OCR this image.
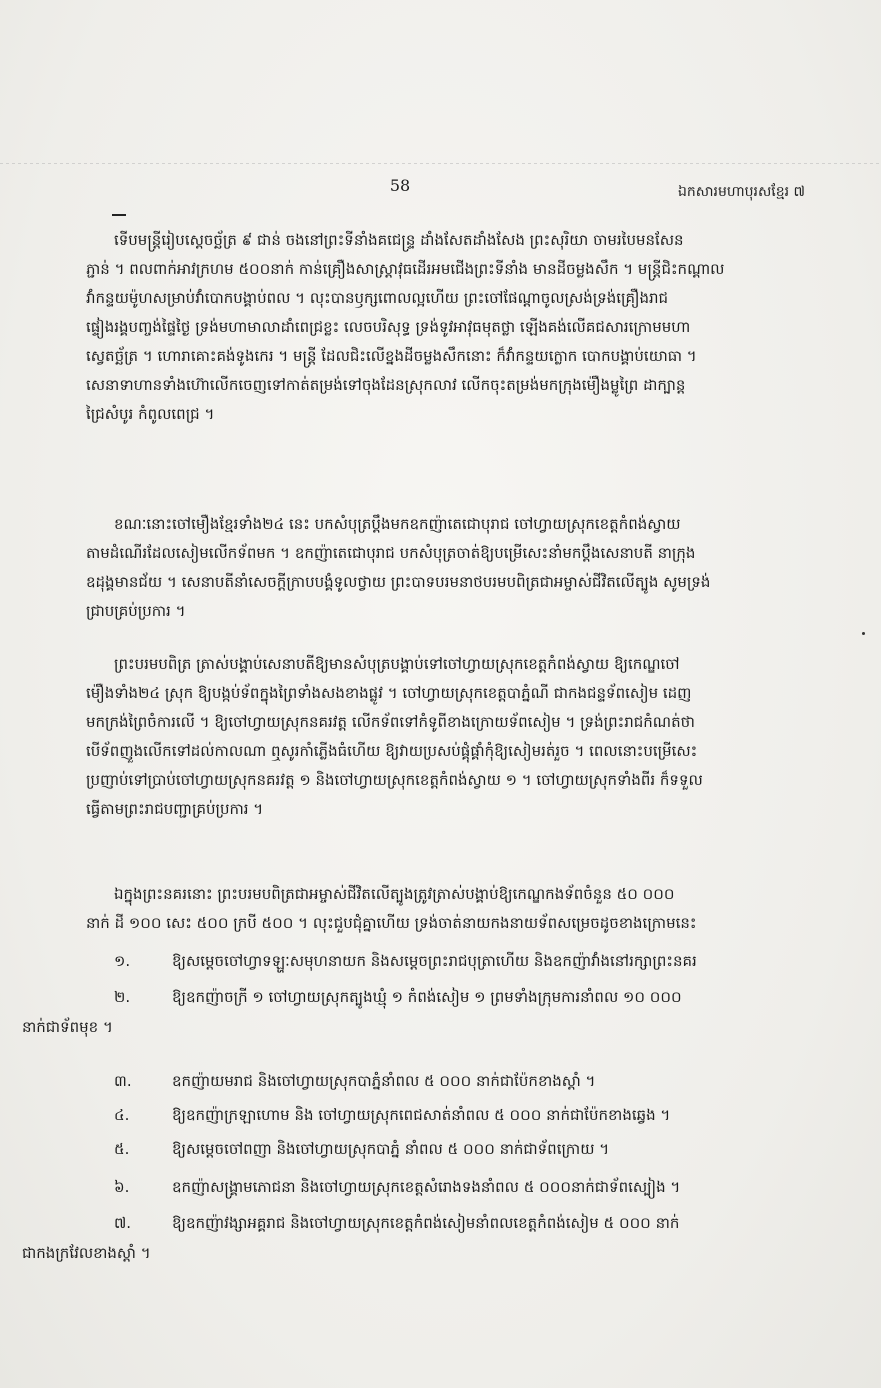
58	ឯកសារមហាបុរសខ្មែរ ៧
ទើបមន្ត្រីរៀបស្តេចច្ឆ័ត្រ ៩ ជាន់ ចងនៅព្រះទីនាំងគជេន្ទ្រ ដាំងសែតដាំងសែង ព្រះសុរិយា ចាមរបៃមនសែន
ភ្ជាន់ ។ ពលពាក់អាវក្រហម ៥០០នាក់ កាន់គ្រឿងសាស្ត្រាវុធដើរអមជើងព្រះទីនាំង មានដីចម្លងសឹក ។ មន្ត្រីជិះកណ្តាល
វាំកន្ទយម៉ូហសម្រាប់វាំបោកបង្គាប់ពល ។ លុះបានឫក្សពោលល្អហើយ ព្រះចៅផែណ្តាចូលស្រង់ទ្រង់គ្រឿងរាជ
ផ្ទៀងរង្គបញ្ចង់ផ្ទៃថ្ងៃ ទ្រង់មហាមាលាដាំពេជ្រខ្លះ លេចបរិសុទ្ធ ទ្រង់ទូវអាវុធមុតថ្លា ឡើងគង់លើគជសារក្រោមមហា
ស្វេតច្ឆ័ត្រ ។ ហោរាគោះគង់ទូងកេរ ។ មន្ត្រី ដែលជិះលើខ្នងដីចម្លងសឹកនោះ ក៏វាំកន្ទយក្លោក បោកបង្គាប់យោធា ។
សេនាទាហានទាំងហ៊ោលើកចេញទៅកាត់តម្រង់ទៅចុងដែនស្រុកលាវ លើកចុះតម្រង់មកក្រុងម៉ឿងម្លូព្រៃ ដាក្បាន្ត
ជ្រៃសំបូរ កំពូលពេជ្រ ។
ខណៈនោះចៅមឿងខ្មែរទាំង២៤ នេះ បកសំបុត្រប្តឹងមកឧកញ៉ាតេជោបុរាជ ចៅហ្វាយស្រុកខេត្តកំពង់ស្វាយ
តាមដំណើរដែលសៀមលើកទ័ពមក ។ ឧកញ៉ាតេជោបុរាជ បកសំបុត្រចាត់ឱ្យបម្រើសេះនាំមកប្តឹងសេនាបតី នាក្រុង
ឧដុង្គមានជ័យ ។ សេនាបតីនាំសេចក្តីក្រាបបង្គំទូលថ្វាយ ព្រះបាទបរមនាថបរមបពិត្រជាអម្ចាស់ជីវិតលើត្បូង សូមទ្រង់
ជ្រាបគ្រប់ប្រការ ។
ព្រះបរមបពិត្រ ត្រាស់បង្គាប់សេនាបតីឱ្យមានសំបុត្របង្គាប់ទៅចៅហ្វាយស្រុកខេត្តកំពង់ស្វាយ ឱ្យកេណ្ឌចៅ
ម៉ឿងទាំង២៤ ស្រុក ឱ្យបង្កប់ទ័ពក្នុងព្រៃទាំងសងខាងផ្លូវ ។ ចៅហ្វាយស្រុកខេត្តបាភ្នំណី ជាកងជន្ទទ័ពសៀម ដេញ
មកក្រង់ព្រៃចំការលើ ។ ឱ្យចៅហ្វាយស្រុកនគរវត្ត លើកទ័ពទៅកំទូពីខាងក្រោយទ័ពសៀម ។ ទ្រង់ព្រះរាជកំណត់ថា
បើទ័ពញួងលើកទៅដល់កាលណា ឮសូរកាំភ្លើងធំហើយ ឱ្យវាយប្រសប់ផ្គុំផ្គាំកុំឱ្យសៀមរត់រួច ។ ពេលនោះបម្រើសេះ
ប្រញាប់ទៅប្រាប់ចៅហ្វាយស្រុកនគរវត្ត ១ និងចៅហ្វាយស្រុកខេត្តកំពង់ស្វាយ ១ ។ ចៅហ្វាយស្រុកទាំងពីរ ក៏ទទួល
ធ្វើតាមព្រះរាជបញ្ជាគ្រប់ប្រការ ។
ឯក្នុងព្រះនគរនោះ ព្រះបរមបពិត្រជាអម្ចាស់ជីវិតលើត្បូងត្រូវត្រាស់បង្គាប់ឱ្យកេណ្ឌកងទ័ពចំនួន ៥០ ០០០
នាក់ ដី ១០០ សេះ ៥០០ ក្របី ៥០០ ។ លុះជួបជុំគ្នាហើយ ទ្រង់ចាត់នាយកងនាយទ័ពសម្រេចដូចខាងក្រោមនេះ
១.	ឱ្យសម្តេចចៅហ្វាទឡ្ហៈសមុហនាយក និងសម្តេចព្រះរាជបុត្រាហើយ និងឧកញ៉ាវាំងនៅរក្សាព្រះនគរ
២.	ឱ្យឧកញ៉ាចក្រី ១ ចៅហ្វាយស្រុកត្បូងឃ្មុំ ១ កំពង់សៀម ១ ព្រមទាំងក្រុមការនាំពល ១០ ០០០
នាក់ជាទ័ពមុខ ។
៣.	ឧកញ៉ាយមរាជ និងចៅហ្វាយស្រុកបាភ្នំនាំពល ៥ ០០០ នាក់ជាប៉ែកខាងស្តាំ ។
៤.	ឱ្យឧកញ៉ាក្រឡាហោម និង ចៅហ្វាយស្រុកពេជសាត់នាំពល ៥ ០០០ នាក់ជាប៉ែកខាងឆ្វេង ។
៥.	ឱ្យសម្តេចចៅពញា និងចៅហ្វាយស្រុកបាភ្នំ នាំពល ៥ ០០០ នាក់ជាទ័ពក្រោយ ។
៦.	ឧកញ៉ាសង្គ្រាមភោជនា និងចៅហ្វាយស្រុកខេត្តសំរោងទងនាំពល ៥ ០០០នាក់ជាទ័ពស្បៀង ។
៧.	ឱ្យឧកញ៉ាវង្សាអគ្គរាជ និងចៅហ្វាយស្រុកខេត្តកំពង់សៀមនាំពលខេត្តកំពង់សៀម ៥ ០០០ នាក់
ជាកងក្រវែលខាងស្តាំ ។
